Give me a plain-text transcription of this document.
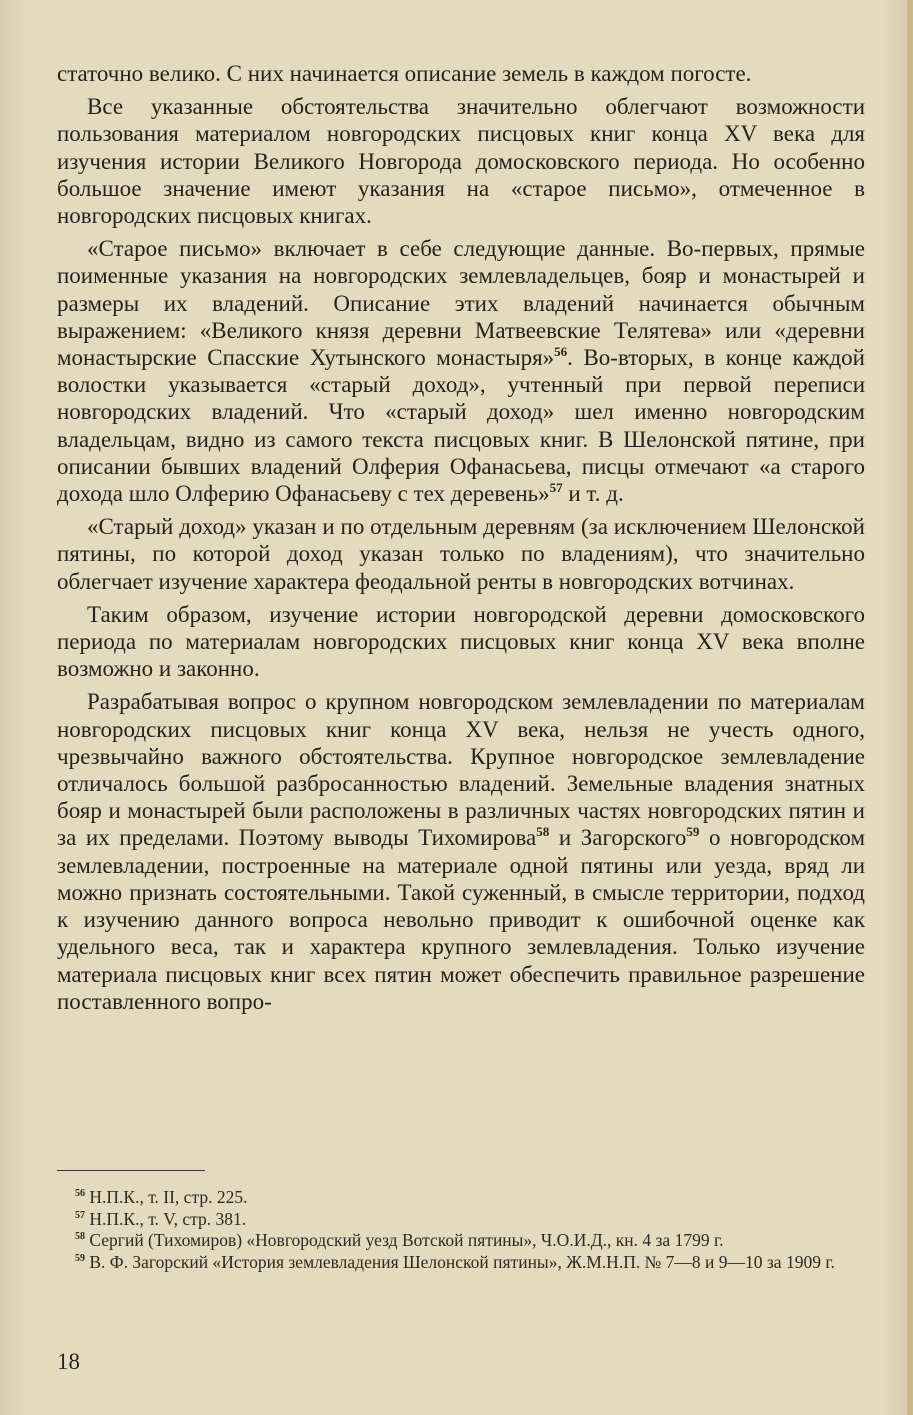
статочно велико. С них начинается описание земель в каждом погосте.

Все указанные обстоятельства значительно облегчают возможности пользования материалом новгородских писцовых книг конца XV века для изучения истории Великого Новгорода домосковского периода. Но особенно большое значение имеют указания на «старое письмо», отмеченное в новгородских писцовых книгах.

«Старое письмо» включает в себе следующие данные. Во-первых, прямые поименные указания на новгородских землевладельцев, бояр и монастырей и размеры их владений. Описание этих владений начинается обычным выражением: «Великого князя деревни Матвеевские Телятева» или «деревни монастырские Спасские Хутынского монастыря»$^{56}$. Во-вторых, в конце каждой волостки указывается «старый доход», учтенный при первой переписи новгородских владений. Что «старый доход» шел именно новгородским владельцам, видно из самого текста писцовых книг. В Шелонской пятине, при описании бывших владений Олферия Офанасьева, писцы отмечают «а старого дохода шло Олферию Офанасьеву с тех деревень»$^{57}$ и т. д.

«Старый доход» указан и по отдельным деревням (за исключением Шелонской пятины, по которой доход указан только по владениям), что значительно облегчает изучение характера феодальной ренты в новгородских вотчинах.

Таким образом, изучение истории новгородской деревни домосковского периода по материалам новгородских писцовых книг конца XV века вполне возможно и законно.

Разрабатывая вопрос о крупном новгородском землевладении по материалам новгородских писцовых книг конца XV века, нельзя не учесть одного, чрезвычайно важного обстоятельства. Крупное новгородское землевладение отличалось большой разбросанностью владений. Земельные владения знатных бояр и монастырей были расположены в различных частях новгородских пятин и за их пределами. Поэтому выводы Тихомирова$^{58}$ и Загорского$^{59}$ о новгородском землевладении, построенные на материале одной пятины или уезда, вряд ли можно признать состоятельными. Такой суженный, в смысле территории, подход к изучению данного вопроса невольно приводит к ошибочной оценке как удельного веса, так и характера крупного землевладения. Только изучение материала писцовых книг всех пятин может обеспечить правильное разрешение поставленного вопро-

$^{56}$ Н.П.К., т. II, стр. 225.
$^{57}$ Н.П.К., т. V, стр. 381.
$^{58}$ Сергий (Тихомиров) «Новгородский уезд Вотской пятины», Ч.О.И.Д., кн. 4 за 1799 г.
$^{59}$ В. Ф. Загорский «История землевладения Шелонской пятины», Ж.М.Н.П. № 7—8 и 9—10 за 1909 г.
18
